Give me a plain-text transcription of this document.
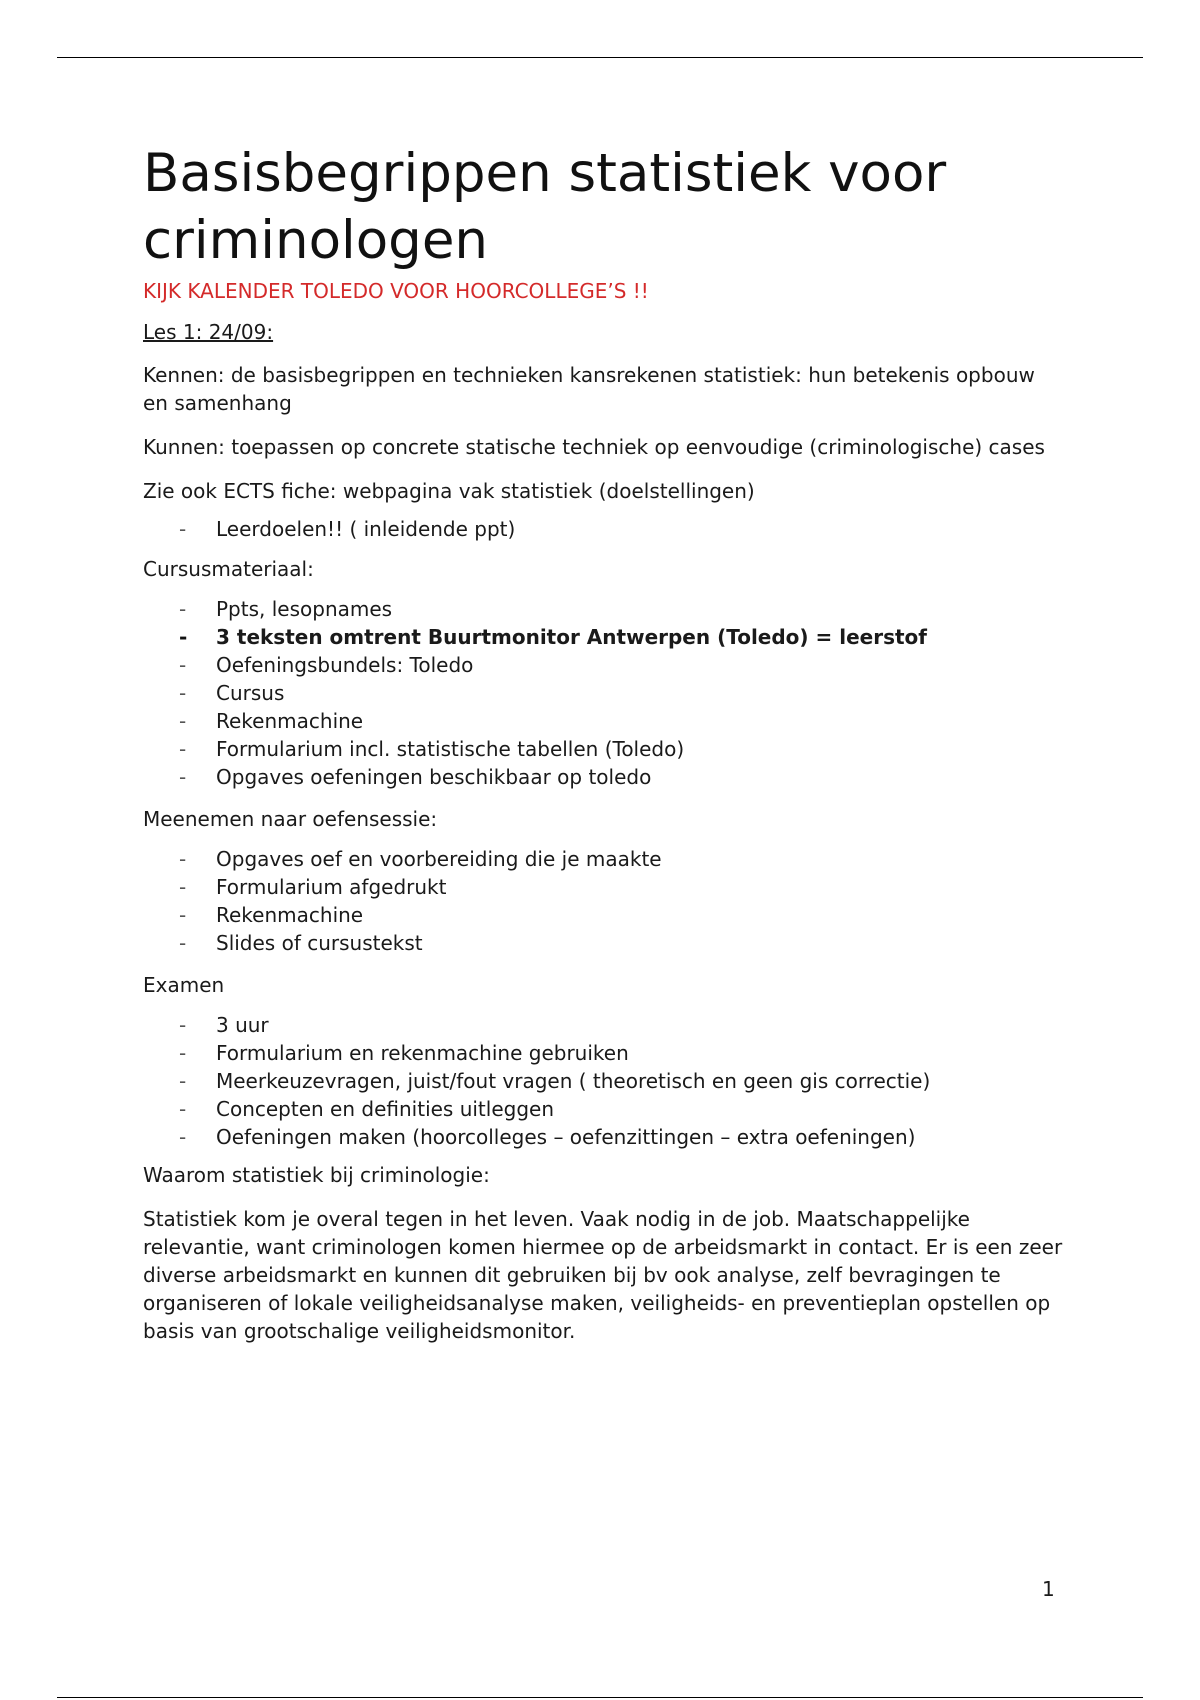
Basisbegrippen statistiek voor criminologen
KIJK KALENDER TOLEDO VOOR HOORCOLLEGE’S !!
Les 1: 24/09:

Kennen: de basisbegrippen en technieken kansrekenen statistiek: hun betekenis opbouw en samenhang

Kunnen: toepassen op concrete statische techniek op eenvoudige (criminologische) cases

Zie ook ECTS fiche: webpagina vak statistiek (doelstellingen)

- Leerdoelen!! ( inleidende ppt)

Cursusmateriaal:

- Ppts, lesopnames
- 3 teksten omtrent Buurtmonitor Antwerpen (Toledo) = leerstof
- Oefeningsbundels: Toledo
- Cursus
- Rekenmachine
- Formularium incl. statistische tabellen (Toledo)
- Opgaves oefeningen beschikbaar op toledo

Meenemen naar oefensessie:

- Opgaves oef en voorbereiding die je maakte
- Formularium afgedrukt
- Rekenmachine
- Slides of cursustekst

Examen

- 3 uur
- Formularium en rekenmachine gebruiken
- Meerkeuzevragen, juist/fout vragen ( theoretisch en geen gis correctie)
- Concepten en definities uitleggen
- Oefeningen maken (hoorcolleges – oefenzittingen – extra oefeningen)

Waarom statistiek bij criminologie:

Statistiek kom je overal tegen in het leven. Vaak nodig in de job. Maatschappelijke relevantie, want criminologen komen hiermee op de arbeidsmarkt in contact. Er is een zeer diverse arbeidsmarkt en kunnen dit gebruiken bij bv ook analyse, zelf bevragingen te organiseren of lokale veiligheidsanalyse maken, veiligheids- en preventieplan opstellen op basis van grootschalige veiligheidsmonitor.

1
